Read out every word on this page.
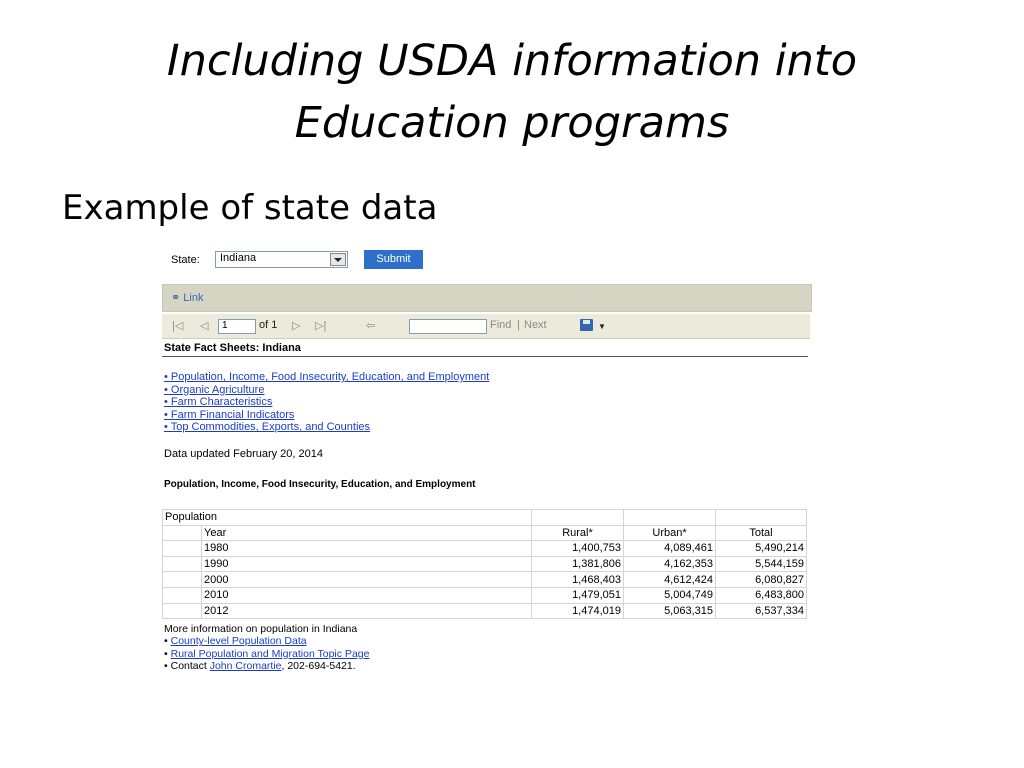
Including USDA information into
Education programs
Example of state data
State: Indiana	Submit
⚭ Link
|◁ ◁	1	of 1 ▷ ▷|	⇦	Find | Next	▼
State Fact Sheets: Indiana
• Population, Income, Food Insecurity, Education, and Employment
• Organic Agriculture
• Farm Characteristics
• Farm Financial Indicators
• Top Commodities, Exports, and Counties
Data updated February 20, 2014
Population, Income, Food Insecurity, Education, and Employment
Population				
	Year	Rural*	Urban*	Total
	1980	1,400,753	4,089,461	5,490,214
	1990	1,381,806	4,162,353	5,544,159
	2000	1,468,403	4,612,424	6,080,827
	2010	1,479,051	5,004,749	6,483,800
	2012	1,474,019	5,063,315	6,537,334
More information on population in Indiana
• County-level Population Data
• Rural Population and Migration Topic Page
• Contact John Cromartie, 202-694-5421.
